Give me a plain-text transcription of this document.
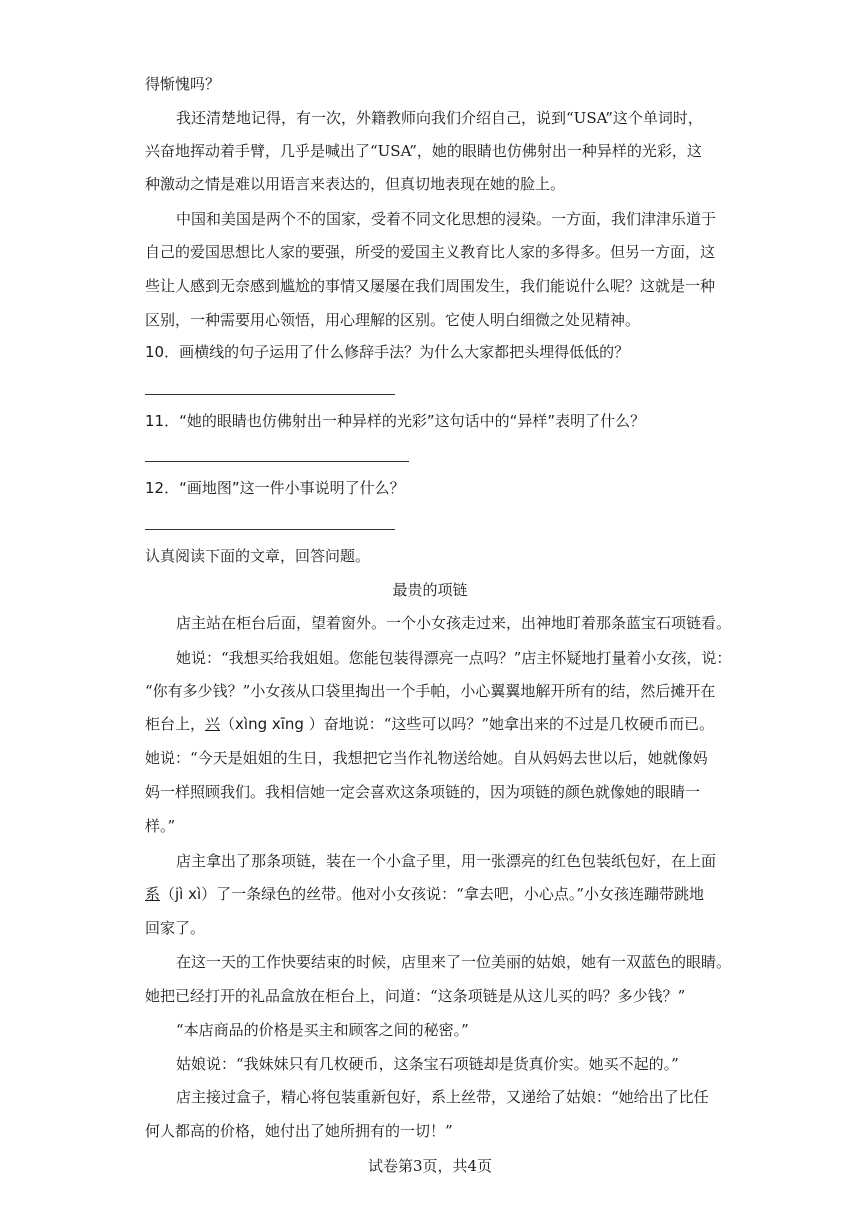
得惭愧吗？
我还清楚地记得，有一次，外籍教师向我们介绍自己，说到“USA”这个单词时，
兴奋地挥动着手臂，几乎是喊出了“USA”，她的眼睛也仿佛射出一种异样的光彩，这
种激动之情是难以用语言来表达的，但真切地表现在她的脸上。
中国和美国是两个不的国家，受着不同文化思想的浸染。一方面，我们津津乐道于
自己的爱国思想比人家的要强，所受的爱国主义教育比人家的多得多。但另一方面，这
些让人感到无奈感到尴尬的事情又屡屡在我们周围发生，我们能说什么呢？这就是一种
区别，一种需要用心领悟，用心理解的区别。它使人明白细微之处见精神。
10．画横线的句子运用了什么修辞手法？为什么大家都把头埋得低低的？
11．“她的眼睛也仿佛射出一种异样的光彩”这句话中的“异样”表明了什么？
12．“画地图”这一件小事说明了什么？
认真阅读下面的文章，回答问题。
最贵的项链
店主站在柜台后面，望着窗外。一个小女孩走过来，出神地盯着那条蓝宝石项链看。
她说：“我想买给我姐姐。您能包装得漂亮一点吗？”店主怀疑地打量着小女孩，说：
“你有多少钱？”小女孩从口袋里掏出一个手帕，小心翼翼地解开所有的结，然后摊开在
柜台上，兴（xìng xīng ）奋地说：“这些可以吗？”她拿出来的不过是几枚硬币而已。
她说：“今天是姐姐的生日，我想把它当作礼物送给她。自从妈妈去世以后，她就像妈
妈一样照顾我们。我相信她一定会喜欢这条项链的，因为项链的颜色就像她的眼睛一
样。”
店主拿出了那条项链，装在一个小盒子里，用一张漂亮的红色包装纸包好，在上面
系（jì xì）了一条绿色的丝带。他对小女孩说：“拿去吧，小心点。”小女孩连蹦带跳地
回家了。
在这一天的工作快要结束的时候，店里来了一位美丽的姑娘，她有一双蓝色的眼睛。
她把已经打开的礼品盒放在柜台上，问道：“这条项链是从这儿买的吗？多少钱？”
“本店商品的价格是买主和顾客之间的秘密。”
姑娘说：“我妹妹只有几枚硬币，这条宝石项链却是货真价实。她买不起的。”
店主接过盒子，精心将包装重新包好，系上丝带，又递给了姑娘：“她给出了比任
何人都高的价格，她付出了她所拥有的一切！”
试卷第3页，共4页
